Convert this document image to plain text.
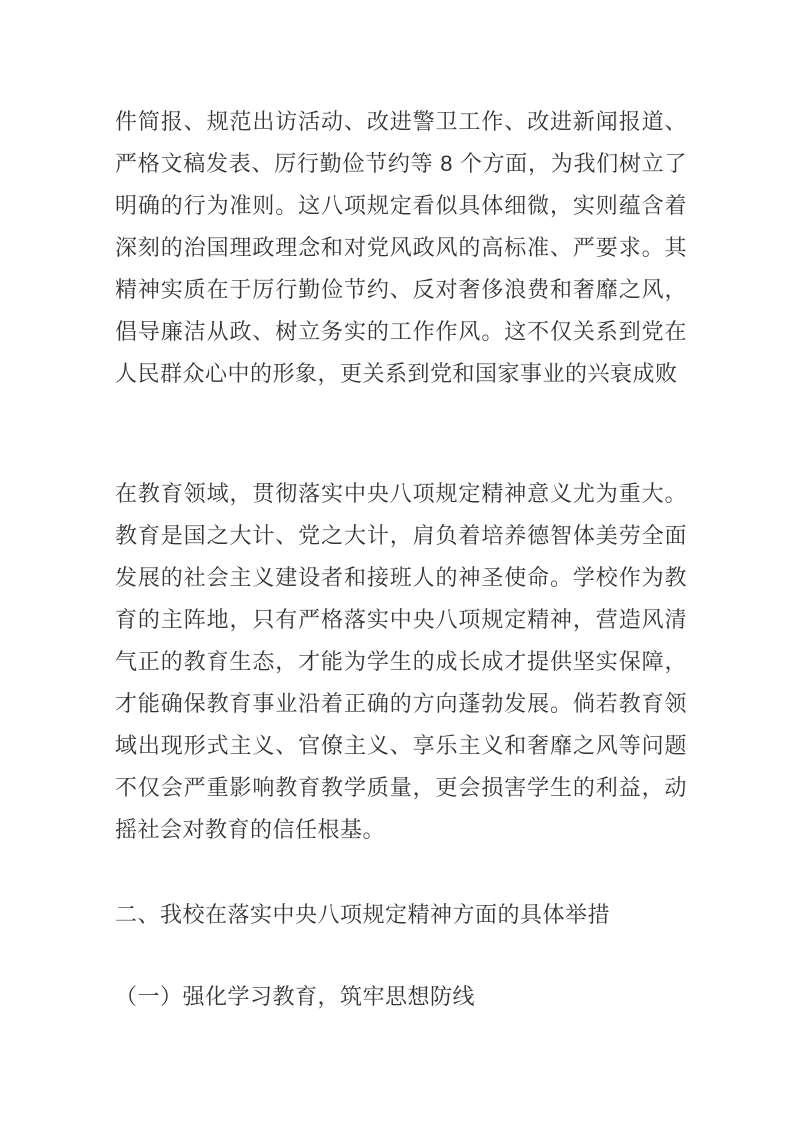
件简报、规范出访活动、改进警卫工作、改进新闻报道、
严格文稿发表、厉行勤俭节约等 8 个方面，为我们树立了
明确的行为准则。这八项规定看似具体细微，实则蕴含着
深刻的治国理政理念和对党风政风的高标准、严要求。其
精神实质在于厉行勤俭节约、反对奢侈浪费和奢靡之风，
倡导廉洁从政、树立务实的工作作风。这不仅关系到党在
人民群众心中的形象，更关系到党和国家事业的兴衰成败
在教育领域，贯彻落实中央八项规定精神意义尤为重大。
教育是国之大计、党之大计，肩负着培养德智体美劳全面
发展的社会主义建设者和接班人的神圣使命。学校作为教
育的主阵地，只有严格落实中央八项规定精神，营造风清
气正的教育生态，才能为学生的成长成才提供坚实保障，
才能确保教育事业沿着正确的方向蓬勃发展。倘若教育领
域出现形式主义、官僚主义、享乐主义和奢靡之风等问题
不仅会严重影响教育教学质量，更会损害学生的利益，动
摇社会对教育的信任根基。
二、我校在落实中央八项规定精神方面的具体举措
（一）强化学习教育，筑牢思想防线
